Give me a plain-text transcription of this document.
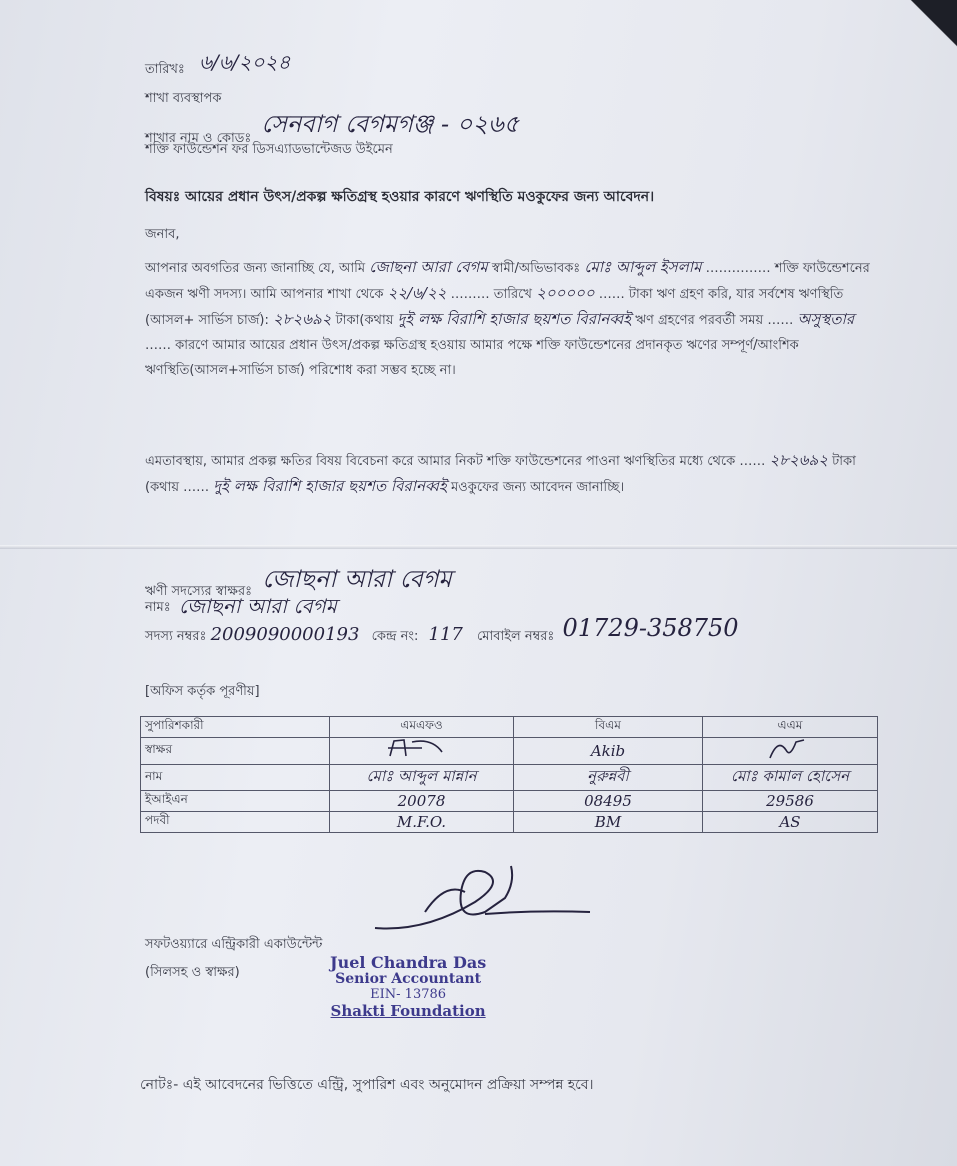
তারিখঃ ৬/৬/২০২৪
শাখা ব্যবস্থাপক
শাখার নাম ও কোডঃ সেনবাগ বেগমগঞ্জ - ০২৬৫
শক্তি ফাউন্ডেশন ফর ডিসএ্যাডভান্টেজড উইমেন
বিষয়ঃ আয়ের প্রধান উৎস/প্রকল্প ক্ষতিগ্রস্থ হওয়ার কারণে ঋণস্থিতি মওকুফের জন্য আবেদন।
জনাব,
আপনার অবগতির জন্য জানাচ্ছি যে, আমি জোছনা আরা বেগম স্বামী/অভিভাবকঃ মোঃ আব্দুল ইসলাম …………… শক্তি ফাউন্ডেশনের একজন ঋণী সদস্য। আমি আপনার শাখা থেকে ২২/৬/২২ ……… তারিখে ২০০০০০ …… টাকা ঋণ গ্রহণ করি, যার সর্বশেষ ঋণস্থিতি (আসল+ সার্ভিস চার্জ): ২৮২৬৯২ টাকা(কথায় দুই লক্ষ বিরাশি হাজার ছয়শত বিরানব্বই ঋণ গ্রহণের পরবর্তী সময় …… অসুস্থতার …… কারণে আমার আয়ের প্রধান উৎস/প্রকল্প ক্ষতিগ্রস্থ হওয়ায় আমার পক্ষে শক্তি ফাউন্ডেশনের প্রদানকৃত ঋণের সম্পূর্ণ/আংশিক ঋণস্থিতি(আসল+সার্ভিস চার্জ) পরিশোধ করা সম্ভব হচ্ছে না।
এমতাবস্থায়, আমার প্রকল্প ক্ষতির বিষয় বিবেচনা করে আমার নিকট শক্তি ফাউন্ডেশনের পাওনা ঋণস্থিতির মধ্যে থেকে …… ২৮২৬৯২ টাকা (কথায় …… দুই লক্ষ বিরাশি হাজার ছয়শত বিরানব্বই মওকুফের জন্য আবেদন জানাচ্ছি।
ঋণী সদস্যের স্বাক্ষরঃ জোছনা আরা বেগম
নামঃ জোছনা আরা বেগম
সদস্য নম্বরঃ 2009090000193 কেন্দ্র নং: 117 মোবাইল নম্বরঃ 01729-358750
[অফিস কর্তৃক পূরণীয়]
সুপারিশকারী	এমএফও	বিএম	এএম
স্বাক্ষর		Akib	
নাম	মোঃ আব্দুল মান্নান	নুরুন্নবী	মোঃ কামাল হোসেন
ইআইএন	20078	08495	29586
পদবী	M.F.O.	BM	AS
সফটওয়্যারে এন্ট্রিকারী একাউন্টেন্ট
(সিলসহ ও স্বাক্ষর)
Juel Chandra Das
Senior Accountant
EIN- 13786
Shakti Foundation
নোটঃ- এই আবেদনের ভিত্তিতে এন্ট্রি, সুপারিশ এবং অনুমোদন প্রক্রিয়া সম্পন্ন হবে।
